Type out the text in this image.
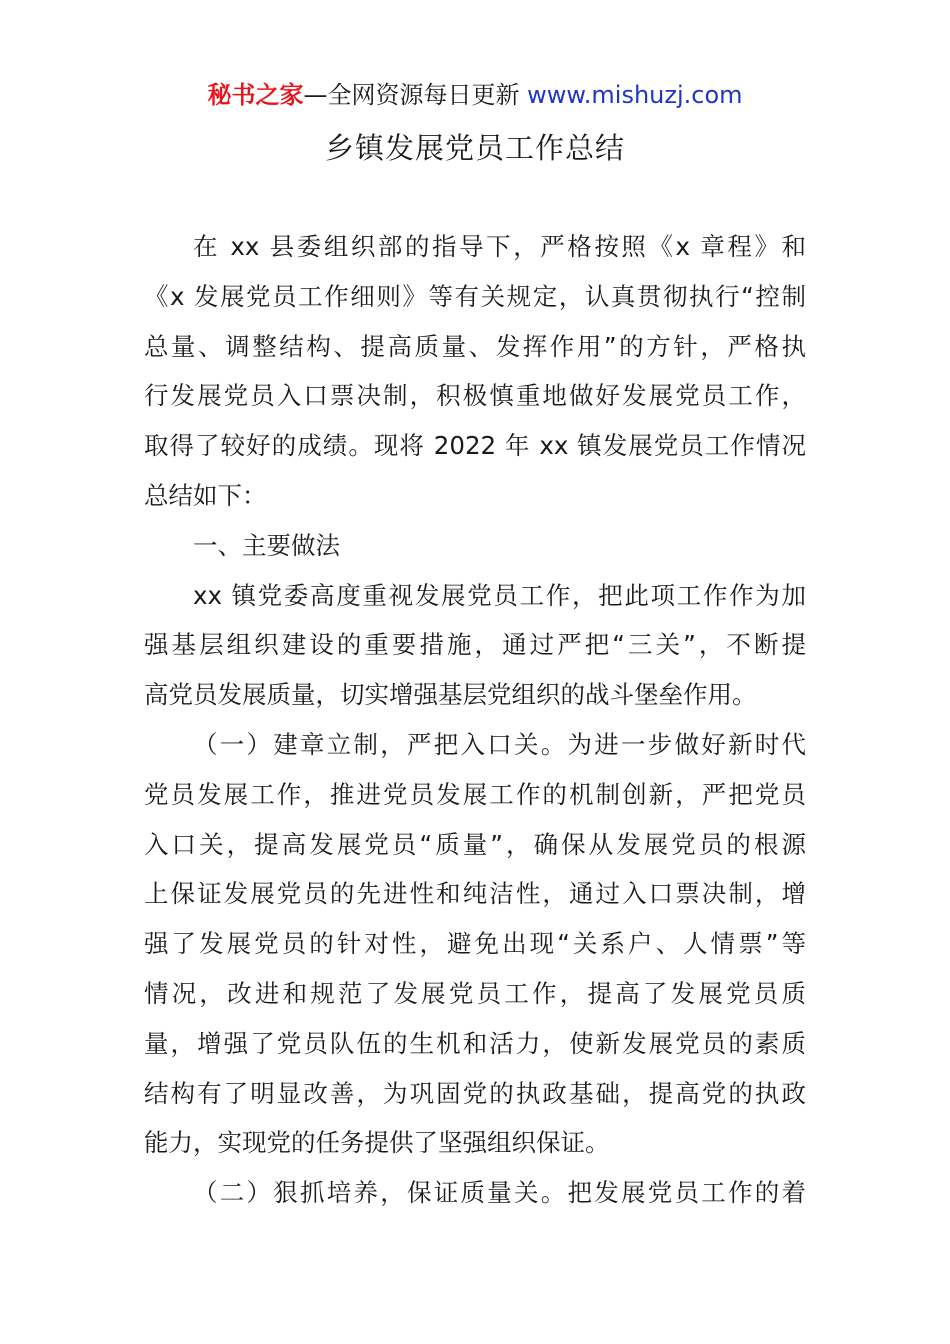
秘书之家—全网资源每日更新 www.mishuzj.com
乡镇发展党员工作总结
在 xx 县委组织部的指导下，严格按照《x 章程》和
《x 发展党员工作细则》等有关规定，认真贯彻执行“控制
总量、调整结构、提高质量、发挥作用”的方针，严格执
行发展党员入口票决制，积极慎重地做好发展党员工作，
取得了较好的成绩。现将 2022 年 xx 镇发展党员工作情况
总结如下：
一、主要做法
xx 镇党委高度重视发展党员工作，把此项工作作为加
强基层组织建设的重要措施，通过严把“三关”，不断提
高党员发展质量，切实增强基层党组织的战斗堡垒作用。
（一）建章立制，严把入口关。为进一步做好新时代
党员发展工作，推进党员发展工作的机制创新，严把党员
入口关，提高发展党员“质量”，确保从发展党员的根源
上保证发展党员的先进性和纯洁性，通过入口票决制，增
强了发展党员的针对性，避免出现“关系户、人情票”等
情况，改进和规范了发展党员工作，提高了发展党员质
量，增强了党员队伍的生机和活力，使新发展党员的素质
结构有了明显改善，为巩固党的执政基础，提高党的执政
能力，实现党的任务提供了坚强组织保证。
（二）狠抓培养，保证质量关。把发展党员工作的着
